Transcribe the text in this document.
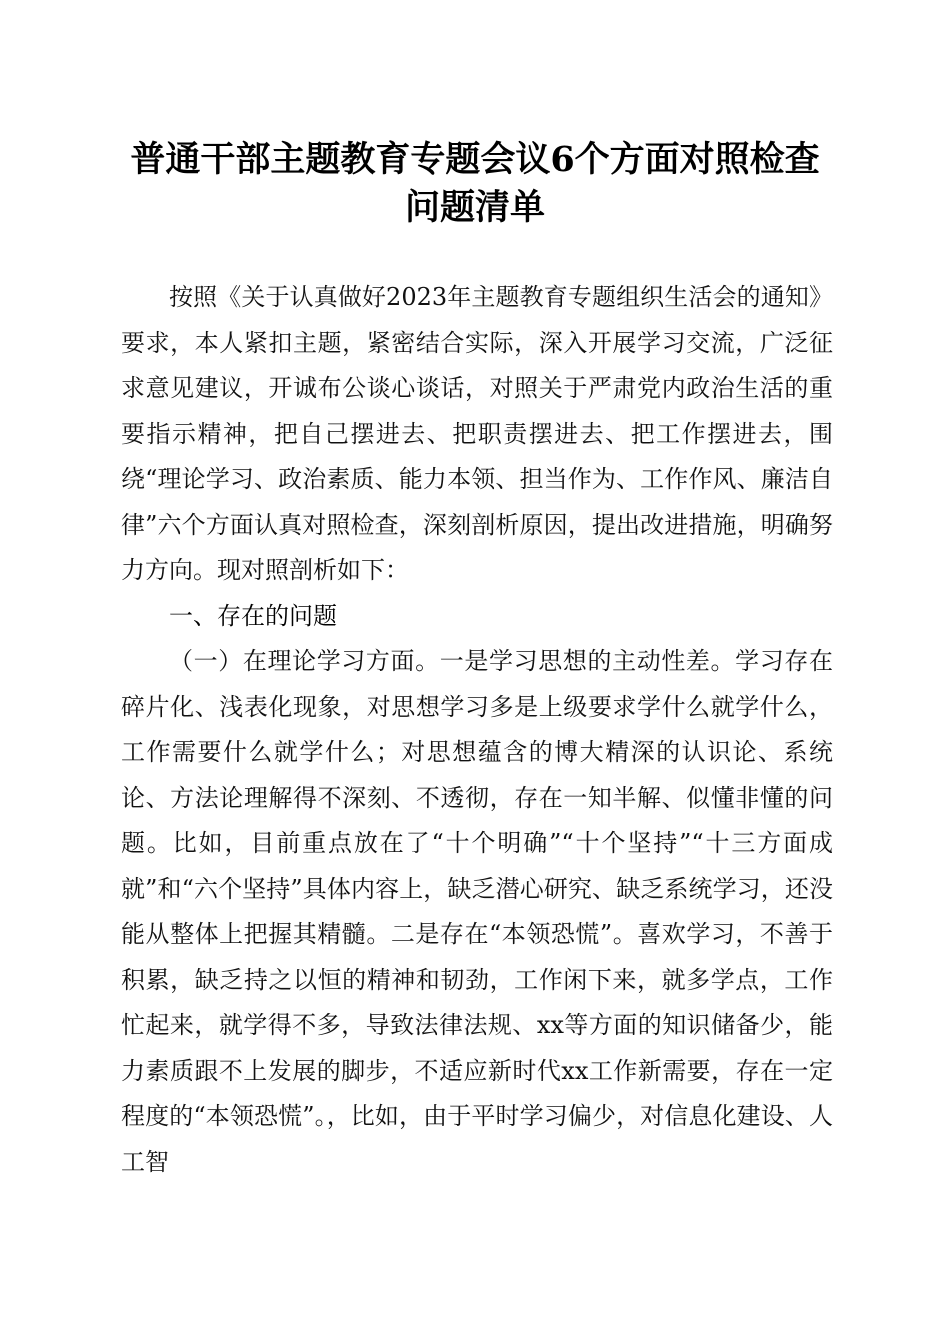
普通干部主题教育专题会议6个方面对照检查
问题清单

按照《关于认真做好2023年主题教育专题组织生活会的通知》要求，本人紧扣主题，紧密结合实际，深入开展学习交流，广泛征求意见建议，开诚布公谈心谈话，对照关于严肃党内政治生活的重要指示精神，把自己摆进去、把职责摆进去、把工作摆进去，围绕“理论学习、政治素质、能力本领、担当作为、工作作风、廉洁自律”六个方面认真对照检查，深刻剖析原因，提出改进措施，明确努力方向。现对照剖析如下：

一、存在的问题

（一）在理论学习方面。一是学习思想的主动性差。学习存在碎片化、浅表化现象，对思想学习多是上级要求学什么就学什么，工作需要什么就学什么；对思想蕴含的博大精深的认识论、系统论、方法论理解得不深刻、不透彻，存在一知半解、似懂非懂的问题。比如，目前重点放在了“十个明确”“十个坚持”“十三方面成就”和“六个坚持”具体内容上，缺乏潜心研究、缺乏系统学习，还没能从整体上把握其精髓。二是存在“本领恐慌”。喜欢学习，不善于积累，缺乏持之以恒的精神和韧劲，工作闲下来，就多学点，工作忙起来，就学得不多，导致法律法规、xx等方面的知识储备少，能力素质跟不上发展的脚步，不适应新时代xx工作新需要，存在一定程度的“本领恐慌”。，比如，由于平时学习偏少，对信息化建设、人工智
